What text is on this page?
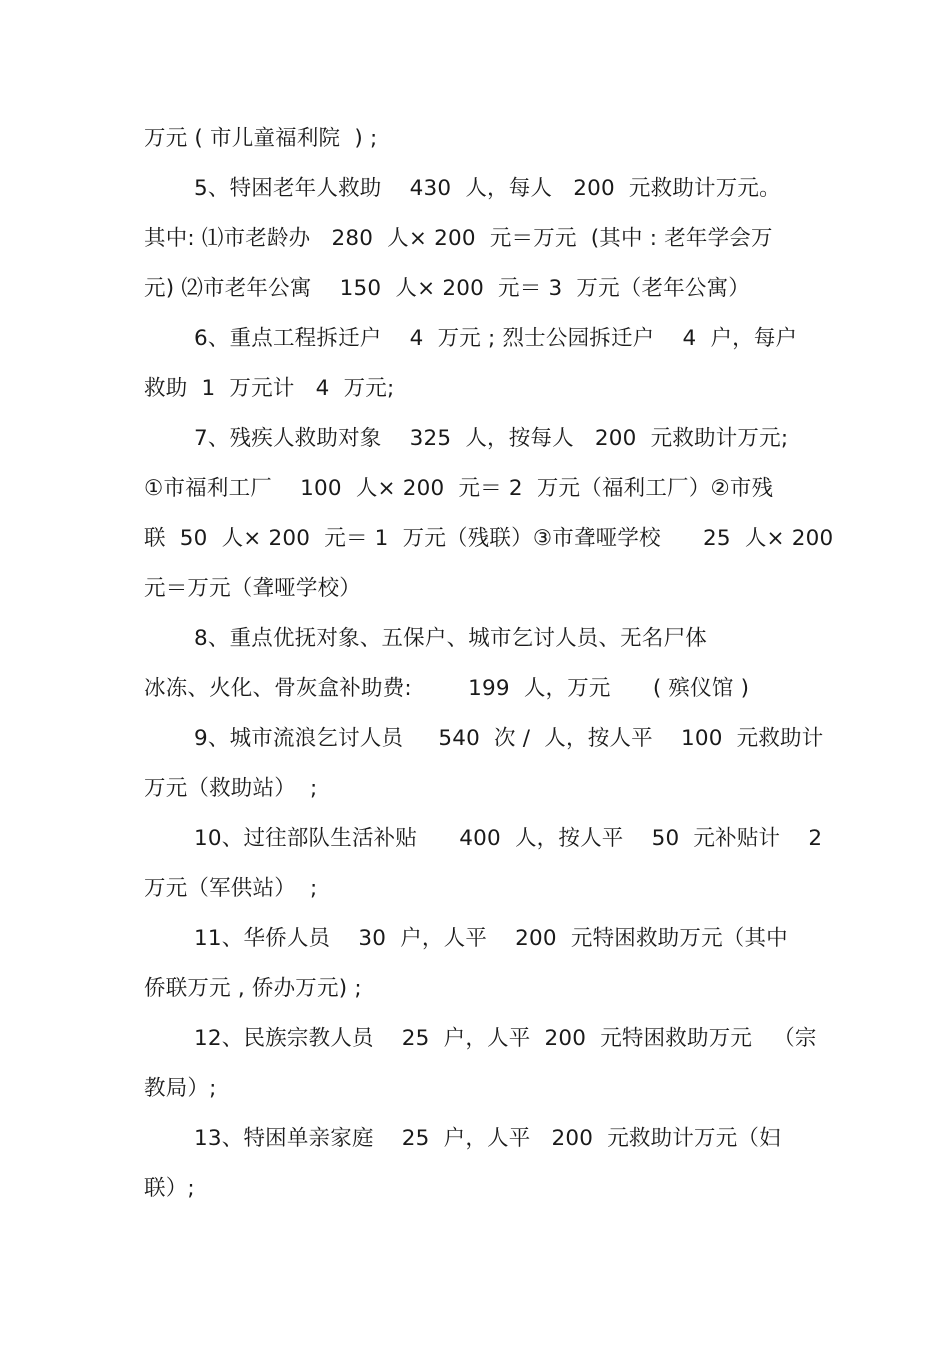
万元 ( 市儿童福利院  ) ;
5、特困老年人救助    430  人，每人   200  元救助计万元。
其中: ⑴市老龄办   280  人× 200  元＝万元  (其中 : 老年学会万
元) ⑵市老年公寓    150  人× 200  元＝ 3  万元（老年公寓）
6、重点工程拆迁户    4  万元 ; 烈士公园拆迁户    4  户，每户
救助  1  万元计   4  万元;
7、残疾人救助对象    325  人，按每人   200  元救助计万元;
①市福利工厂    100  人× 200  元＝ 2  万元（福利工厂）②市残
联  50  人× 200  元＝ 1  万元（残联）③市聋哑学校      25  人× 200
元＝万元（聋哑学校）
8、重点优抚对象、五保户、城市乞讨人员、无名尸体
冰冻、火化、骨灰盒补助费:        199  人，万元      ( 殡仪馆 )
9、城市流浪乞讨人员     540  次 /  人，按人平    100  元救助计
万元（救助站）  ;
10、过往部队生活补贴      400  人，按人平    50  元补贴计    2
万元（军供站）  ;
11、华侨人员    30  户，人平    200  元特困救助万元（其中
侨联万元 , 侨办万元) ;
12、民族宗教人员    25  户，人平  200  元特困救助万元   （宗
教局）;
13、特困单亲家庭    25  户，人平   200  元救助计万元（妇
联）;
